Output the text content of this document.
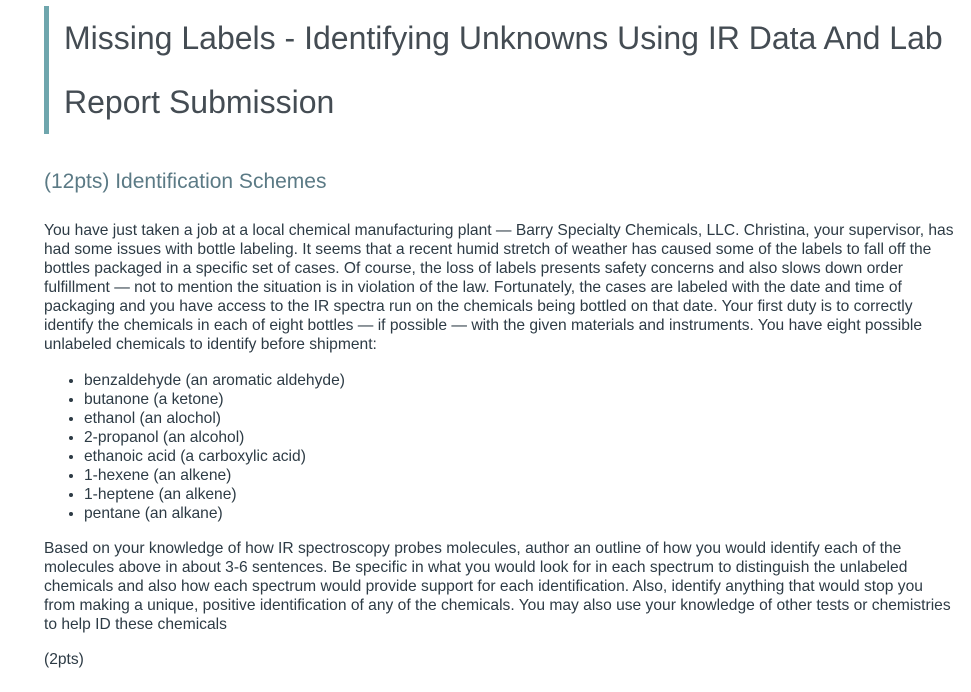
Missing Labels - Identifying Unknowns Using IR Data And Lab Report Submission
(12pts) Identification Schemes

You have just taken a job at a local chemical manufacturing plant — Barry Specialty Chemicals, LLC. Christina, your supervisor, has had some issues with bottle labeling. It seems that a recent humid stretch of weather has caused some of the labels to fall off the bottles packaged in a specific set of cases. Of course, the loss of labels presents safety concerns and also slows down order fulfillment — not to mention the situation is in violation of the law. Fortunately, the cases are labeled with the date and time of packaging and you have access to the IR spectra run on the chemicals being bottled on that date. Your first duty is to correctly identify the chemicals in each of eight bottles — if possible — with the given materials and instruments. You have eight possible unlabeled chemicals to identify before shipment:

• benzaldehyde (an aromatic aldehyde)
• butanone (a ketone)
• ethanol (an alochol)
• 2-propanol (an alcohol)
• ethanoic acid (a carboxylic acid)
• 1-hexene (an alkene)
• 1-heptene (an alkene)
• pentane (an alkane)

Based on your knowledge of how IR spectroscopy probes molecules, author an outline of how you would identify each of the molecules above in about 3-6 sentences. Be specific in what you would look for in each spectrum to distinguish the unlabeled chemicals and also how each spectrum would provide support for each identification. Also, identify anything that would stop you from making a unique, positive identification of any of the chemicals. You may also use your knowledge of other tests or chemistries to help ID these chemicals

(2pts)
